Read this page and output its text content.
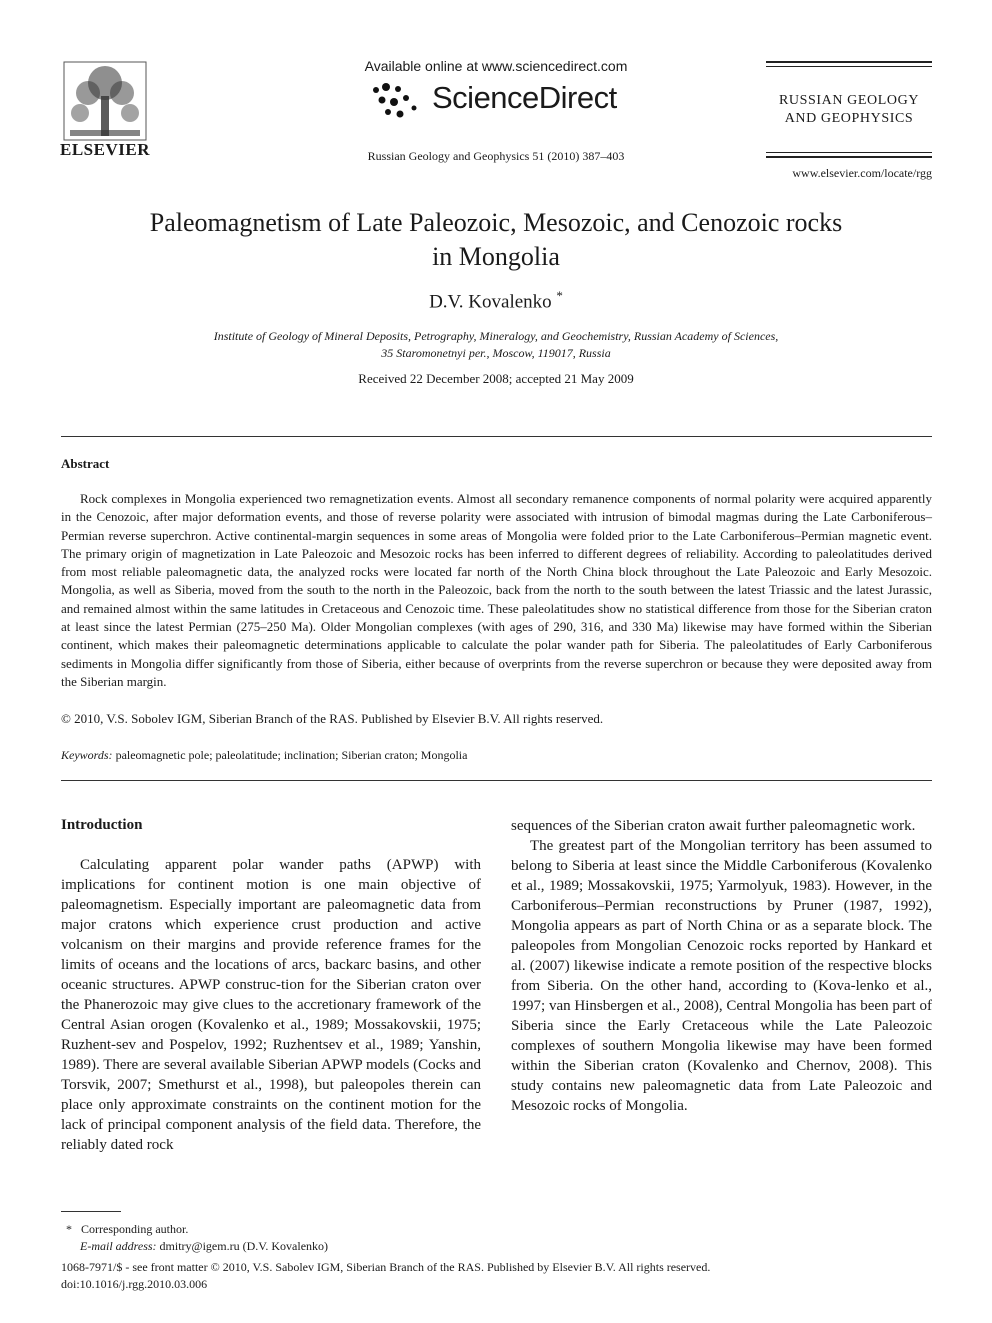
ELSEVIER
Available online at www.sciencedirect.com
ScienceDirect
Russian Geology and Geophysics 51 (2010) 387–403
RUSSIAN GEOLOGY
AND GEOPHYSICS
www.elsevier.com/locate/rgg
Paleomagnetism of Late Paleozoic, Mesozoic, and Cenozoic rocks
in Mongolia
D.V. Kovalenko *
Institute of Geology of Mineral Deposits, Petrography, Mineralogy, and Geochemistry, Russian Academy of Sciences,
35 Staromonetnyi per., Moscow, 119017, Russia
Received 22 December 2008; accepted 21 May 2009
Abstract
Rock complexes in Mongolia experienced two remagnetization events. Almost all secondary remanence components of normal polarity were acquired apparently in the Cenozoic, after major deformation events, and those of reverse polarity were associated with intrusion of bimodal magmas during the Late Carboniferous–Permian reverse superchron. Active continental-margin sequences in some areas of Mongolia were folded prior to the Late Carboniferous–Permian magnetic event. The primary origin of magnetization in Late Paleozoic and Mesozoic rocks has been inferred to different degrees of reliability. According to paleolatitudes derived from most reliable paleomagnetic data, the analyzed rocks were located far north of the North China block throughout the Late Paleozoic and Early Mesozoic. Mongolia, as well as Siberia, moved from the south to the north in the Paleozoic, back from the north to the south between the latest Triassic and the latest Jurassic, and remained almost within the same latitudes in Cretaceous and Cenozoic time. These paleolatitudes show no statistical difference from those for the Siberian craton at least since the latest Permian (275–250 Ma). Older Mongolian complexes (with ages of 290, 316, and 330 Ma) likewise may have formed within the Siberian continent, which makes their paleomagnetic determinations applicable to calculate the polar wander path for Siberia. The paleolatitudes of Early Carboniferous sediments in Mongolia differ significantly from those of Siberia, either because of overprints from the reverse superchron or because they were deposited away from the Siberian margin.
© 2010, V.S. Sobolev IGM, Siberian Branch of the RAS. Published by Elsevier B.V. All rights reserved.
Keywords: paleomagnetic pole; paleolatitude; inclination; Siberian craton; Mongolia
Introduction
Calculating apparent polar wander paths (APWP) with implications for continent motion is one main objective of paleomagnetism. Especially important are paleomagnetic data from major cratons which experience crust production and active volcanism on their margins and provide reference frames for the limits of oceans and the locations of arcs, backarc basins, and other oceanic structures. APWP construc-tion for the Siberian craton over the Phanerozoic may give clues to the accretionary framework of the Central Asian orogen (Kovalenko et al., 1989; Mossakovskii, 1975; Ruzhent-sev and Pospelov, 1992; Ruzhentsev et al., 1989; Yanshin, 1989). There are several available Siberian APWP models (Cocks and Torsvik, 2007; Smethurst et al., 1998), but paleopoles therein can place only approximate constraints on the continent motion for the lack of principal component analysis of the field data. Therefore, the reliably dated rock

sequences of the Siberian craton await further paleomagnetic work.

The greatest part of the Mongolian territory has been assumed to belong to Siberia at least since the Middle Carboniferous (Kovalenko et al., 1989; Mossakovskii, 1975; Yarmolyuk, 1983). However, in the Carboniferous–Permian reconstructions by Pruner (1987, 1992), Mongolia appears as part of North China or as a separate block. The paleopoles from Mongolian Cenozoic rocks reported by Hankard et al. (2007) likewise indicate a remote position of the respective blocks from Siberia. On the other hand, according to (Kova-lenko et al., 1997; van Hinsbergen et al., 2008), Central Mongolia has been part of Siberia since the Early Cretaceous while the Late Paleozoic complexes of southern Mongolia likewise may have been formed within the Siberian craton (Kovalenko and Chernov, 2008). This study contains new paleomagnetic data from Late Paleozoic and Mesozoic rocks of Mongolia.

* Corresponding author.
E-mail address: dmitry@igem.ru (D.V. Kovalenko)
1068-7971/$ - see front matter © 2010, V.S. Sabolev IGM, Siberian Branch of the RAS. Published by Elsevier B.V. All rights reserved.
doi:10.1016/j.rgg.2010.03.006
